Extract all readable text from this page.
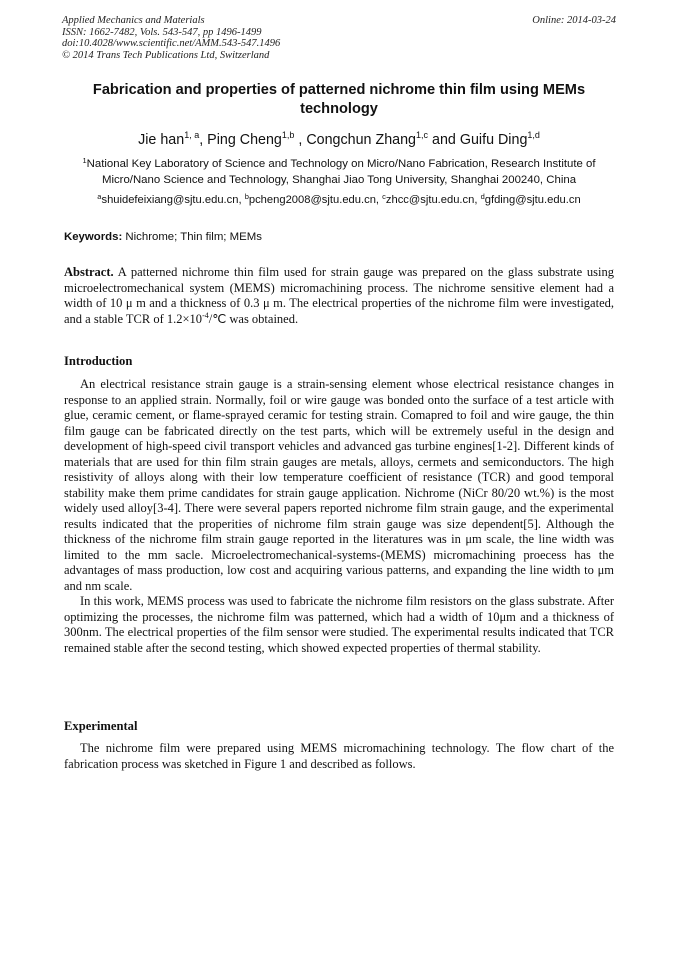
Applied Mechanics and Materials
ISSN: 1662-7482, Vols. 543-547, pp 1496-1499
doi:10.4028/www.scientific.net/AMM.543-547.1496
© 2014 Trans Tech Publications Ltd, Switzerland
Online: 2014-03-24
Fabrication and properties of patterned nichrome thin film using MEMs technology
Jie han$^{1, a}$, Ping Cheng$^{1,b}$ , Congchun Zhang$^{1,c}$ and Guifu Ding$^{1,d}$
$^1$National Key Laboratory of Science and Technology on Micro/Nano Fabrication, Research Institute of Micro/Nano Science and Technology, Shanghai Jiao Tong University, Shanghai 200240, China
$^a$shuidefeixiang@sjtu.edu.cn, $^b$pcheng2008@sjtu.edu.cn, $^c$zhcc@sjtu.edu.cn, $^d$gfding@sjtu.edu.cn
Keywords: Nichrome; Thin film; MEMs

Abstract. A patterned nichrome thin film used for strain gauge was prepared on the glass substrate using microelectromechanical system (MEMS) micromachining process. The nichrome sensitive element had a width of 10 μ m and a thickness of 0.3 μ m. The electrical properties of the nichrome film were investigated, and a stable TCR of $1.2\times 10^{-4}/℃$ was obtained.

Introduction

An electrical resistance strain gauge is a strain-sensing element whose electrical resistance changes in response to an applied strain. Normally, foil or wire gauge was bonded onto the surface of a test article with glue, ceramic cement, or flame-sprayed ceramic for testing strain. Comapred to foil and wire gauge, the thin film gauge can be fabricated directly on the test parts, which will be extremely useful in the design and development of high-speed civil transport vehicles and advanced gas turbine engines[1-2]. Different kinds of materials that are used for thin film strain gauges are metals, alloys, cermets and semiconductors. The high resistivity of alloys along with their low temperature coefficient of resistance (TCR) and good temporal stability make them prime candidates for strain gauge application. Nichrome (NiCr 80/20 wt.%) is the most widely used alloy[3-4]. There were several papers reported nichrome film strain gauge, and the experimental results indicated that the properities of nichrome film strain gauge was size dependent[5]. Although the thickness of the nichrome film strain gauge reported in the literatures was in μm scale, the line width was limited to the mm sacle. Microelectromechanical-systems-(MEMS) micromachining proecess has the advantages of mass production, low cost and acquiring various patterns, and expanding the line width to μm and nm scale.

In this work, MEMS process was used to fabricate the nichrome film resistors on the glass substrate. After optimizing the processes, the nichrome film was patterned, which had a width of 10μm and a thickness of 300nm. The electrical properties of the film sensor were studied. The experimental results indicated that TCR remained stable after the second testing, which showed expected properties of thermal stability.

Experimental

The nichrome film were prepared using MEMS micromachining technology. The flow chart of the fabrication process was sketched in Figure 1 and described as follows.
